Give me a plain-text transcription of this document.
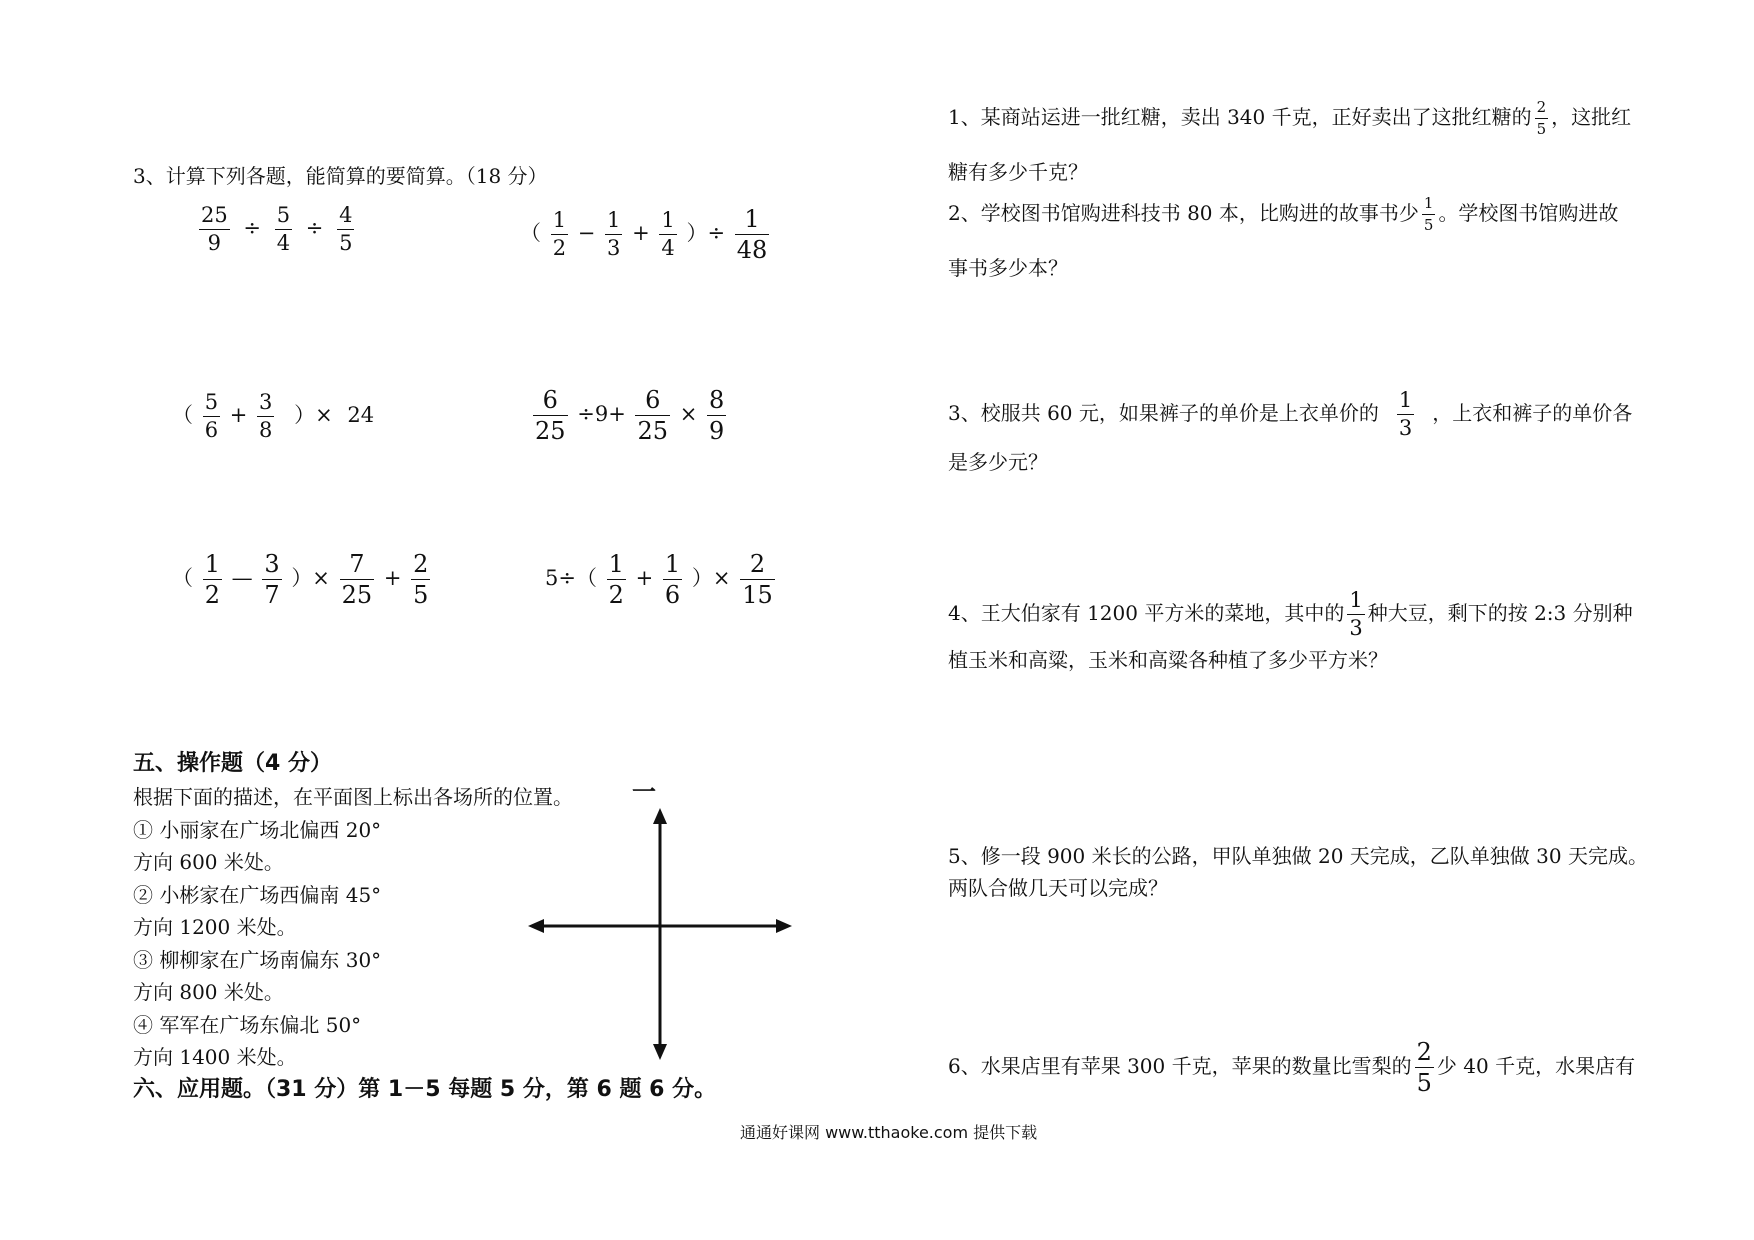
3、计算下列各题，能简算的要简算。（18 分）
$\frac{25}{9} \div \frac{5}{4} \div \frac{4}{5}$	（ $\frac{1}{2} - \frac{1}{3} + \frac{1}{4}$ ）÷ $\frac{1}{48}$
（ $\frac{5}{6} + \frac{3}{8}$ ）× 24	$\frac{6}{25} \div 9+ \frac{6}{25} \times \frac{8}{9}$
（ $\frac{1}{2}$ — $\frac{3}{7}$ ）× $\frac{7}{25} + \frac{2}{5}$	$5\div( \frac{1}{2} + \frac{1}{6}$ ）× $\frac{2}{15}$
五、操作题（4 分）
根据下面的描述，在平面图上标出各场所的位置。 一
① 小丽家在广场北偏西 20°
方向 600 米处。
② 小彬家在广场西偏南 45°
方向 1200 米处。
③ 柳柳家在广场南偏东 30°
方向 800 米处。
④ 军军在广场东偏北 50°
方向 1400 米处。
六、应用题。（31 分）第 1－5 每题 5 分，第 6 题 6 分。
1、某商站运进一批红糖，卖出 340 千克，正好卖出了这批红糖的 $\frac{2}{5}$ ，这批红
糖有多少千克？
2、学校图书馆购进科技书 80 本，比购进的故事书少 $\frac{1}{5}$ 。学校图书馆购进故
事书多少本？
3、校服共 60 元，如果裤子的单价是上衣单价的 $\frac{1}{3}$ ，上衣和裤子的单价各
是多少元？
4、王大伯家有 1200 平方米的菜地，其中的 $\frac{1}{3}$ 种大豆，剩下的按 2:3 分别种
植玉米和高粱，玉米和高粱各种植了多少平方米？
5、修一段 900 米长的公路，甲队单独做 20 天完成，乙队单独做 30 天完成。
两队合做几天可以完成？
6、水果店里有苹果 300 千克，苹果的数量比雪梨的 $\frac{2}{5}$ 少 40 千克，水果店有
通通好课网 www.tthaoke.com 提供下载
